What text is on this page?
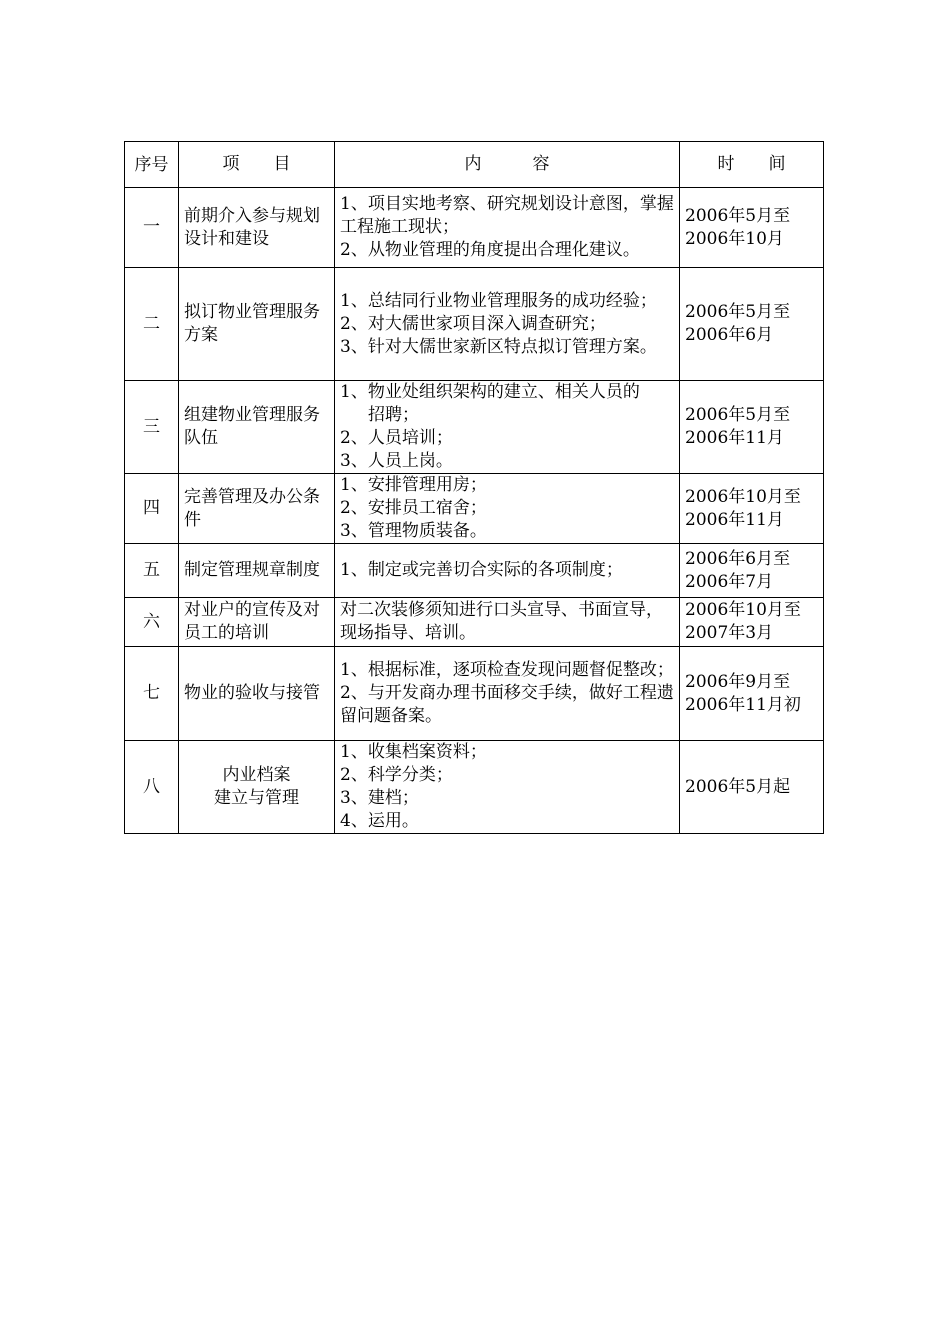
序号	项　　目	内　　　容	时　　间
一	前期介入参与规划设计和建设	1、项目实地考察、研究规划设计意图，掌握工程施工现状；
2、从物业管理的角度提出合理化建议。	2006年5月至
2006年10月

二	拟订物业管理服务方案	1、总结同行业物业管理服务的成功经验；
2、对大儒世家项目深入调查研究；
3、针对大儒世家新区特点拟订管理方案。	2006年5月至
2006年6月

三	组建物业管理服务队伍	1、物业处组织架构的建立、相关人员的
招聘；
2、人员培训；
3、人员上岗。	2006年5月至
2006年11月

四	完善管理及办公条件	1、安排管理用房；
2、安排员工宿舍；
3、管理物质装备。	2006年10月至
2006年11月

五	制定管理规章制度	1、制定或完善切合实际的各项制度；	2006年6月至
2006年7月

六	对业户的宣传及对员工的培训	对二次装修须知进行口头宣导、书面宣导，现场指导、培训。	2006年10月至
2007年3月

七	物业的验收与接管	1、根据标准，逐项检查发现问题督促整改；
2、与开发商办理书面移交手续，做好工程遗留问题备案。	2006年9月至
2006年11月初

八	内业档案
建立与管理	1、收集档案资料；
2、科学分类；
3、建档；
4、运用。	2006年5月起
